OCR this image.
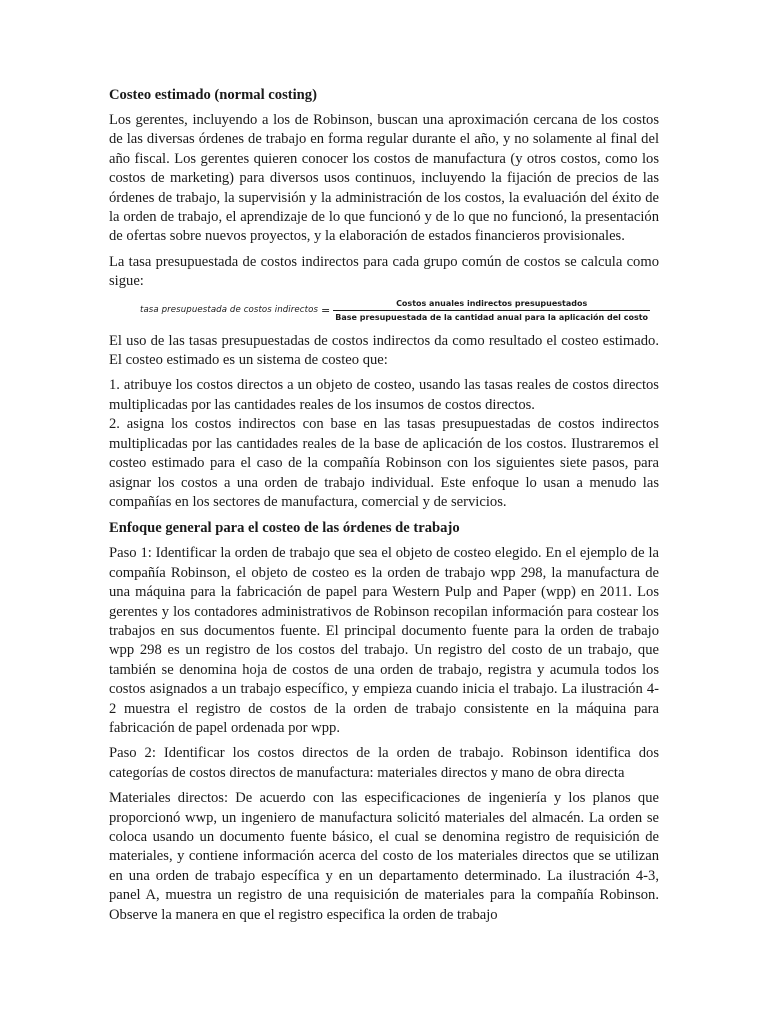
Costeo estimado (normal costing)

Los gerentes, incluyendo a los de Robinson, buscan una aproximación cercana de los costos de las diversas órdenes de trabajo en forma regular durante el año, y no solamente al final del año fiscal. Los gerentes quieren conocer los costos de manufactura (y otros costos, como los costos de marketing) para diversos usos continuos, incluyendo la fijación de precios de las órdenes de trabajo, la supervisión y la administración de los costos, la evaluación del éxito de la orden de trabajo, el aprendizaje de lo que funcionó y de lo que no funcionó, la presentación de ofertas sobre nuevos proyectos, y la elaboración de estados financieros provisionales.

La tasa presupuestada de costos indirectos para cada grupo común de costos se calcula como sigue:

tasa presupuestada de costos indirectos =
Costos anuales indirectos presupuestados
Base presupuestada de la cantidad anual para la aplicación del costo

El uso de las tasas presupuestadas de costos indirectos da como resultado el costeo estimado. El costeo estimado es un sistema de costeo que:

1. atribuye los costos directos a un objeto de costeo, usando las tasas reales de costos directos multiplicadas por las cantidades reales de los insumos de costos directos.

2. asigna los costos indirectos con base en las tasas presupuestadas de costos indirectos multiplicadas por las cantidades reales de la base de aplicación de los costos. Ilustraremos el costeo estimado para el caso de la compañía Robinson con los siguientes siete pasos, para asignar los costos a una orden de trabajo individual. Este enfoque lo usan a menudo las compañías en los sectores de manufactura, comercial y de servicios.

Enfoque general para el costeo de las órdenes de trabajo

Paso 1: Identificar la orden de trabajo que sea el objeto de costeo elegido. En el ejemplo de la compañía Robinson, el objeto de costeo es la orden de trabajo wpp 298, la manufactura de una máquina para la fabricación de papel para Western Pulp and Paper (wpp) en 2011. Los gerentes y los contadores administrativos de Robinson recopilan información para costear los trabajos en sus documentos fuente. El principal documento fuente para la orden de trabajo wpp 298 es un registro de los costos del trabajo. Un registro del costo de un trabajo, que también se denomina hoja de costos de una orden de trabajo, registra y acumula todos los costos asignados a un trabajo específico, y empieza cuando inicia el trabajo. La ilustración 4-2 muestra el registro de costos de la orden de trabajo consistente en la máquina para fabricación de papel ordenada por wpp.

Paso 2: Identificar los costos directos de la orden de trabajo. Robinson identifica dos categorías de costos directos de manufactura: materiales directos y mano de obra directa

Materiales directos: De acuerdo con las especificaciones de ingeniería y los planos que proporcionó wwp, un ingeniero de manufactura solicitó materiales del almacén. La orden se coloca usando un documento fuente básico, el cual se denomina registro de requisición de materiales, y contiene información acerca del costo de los materiales directos que se utilizan en una orden de trabajo específica y en un departamento determinado. La ilustración 4-3, panel A, muestra un registro de una requisición de materiales para la compañía Robinson. Observe la manera en que el registro especifica la orden de trabajo
